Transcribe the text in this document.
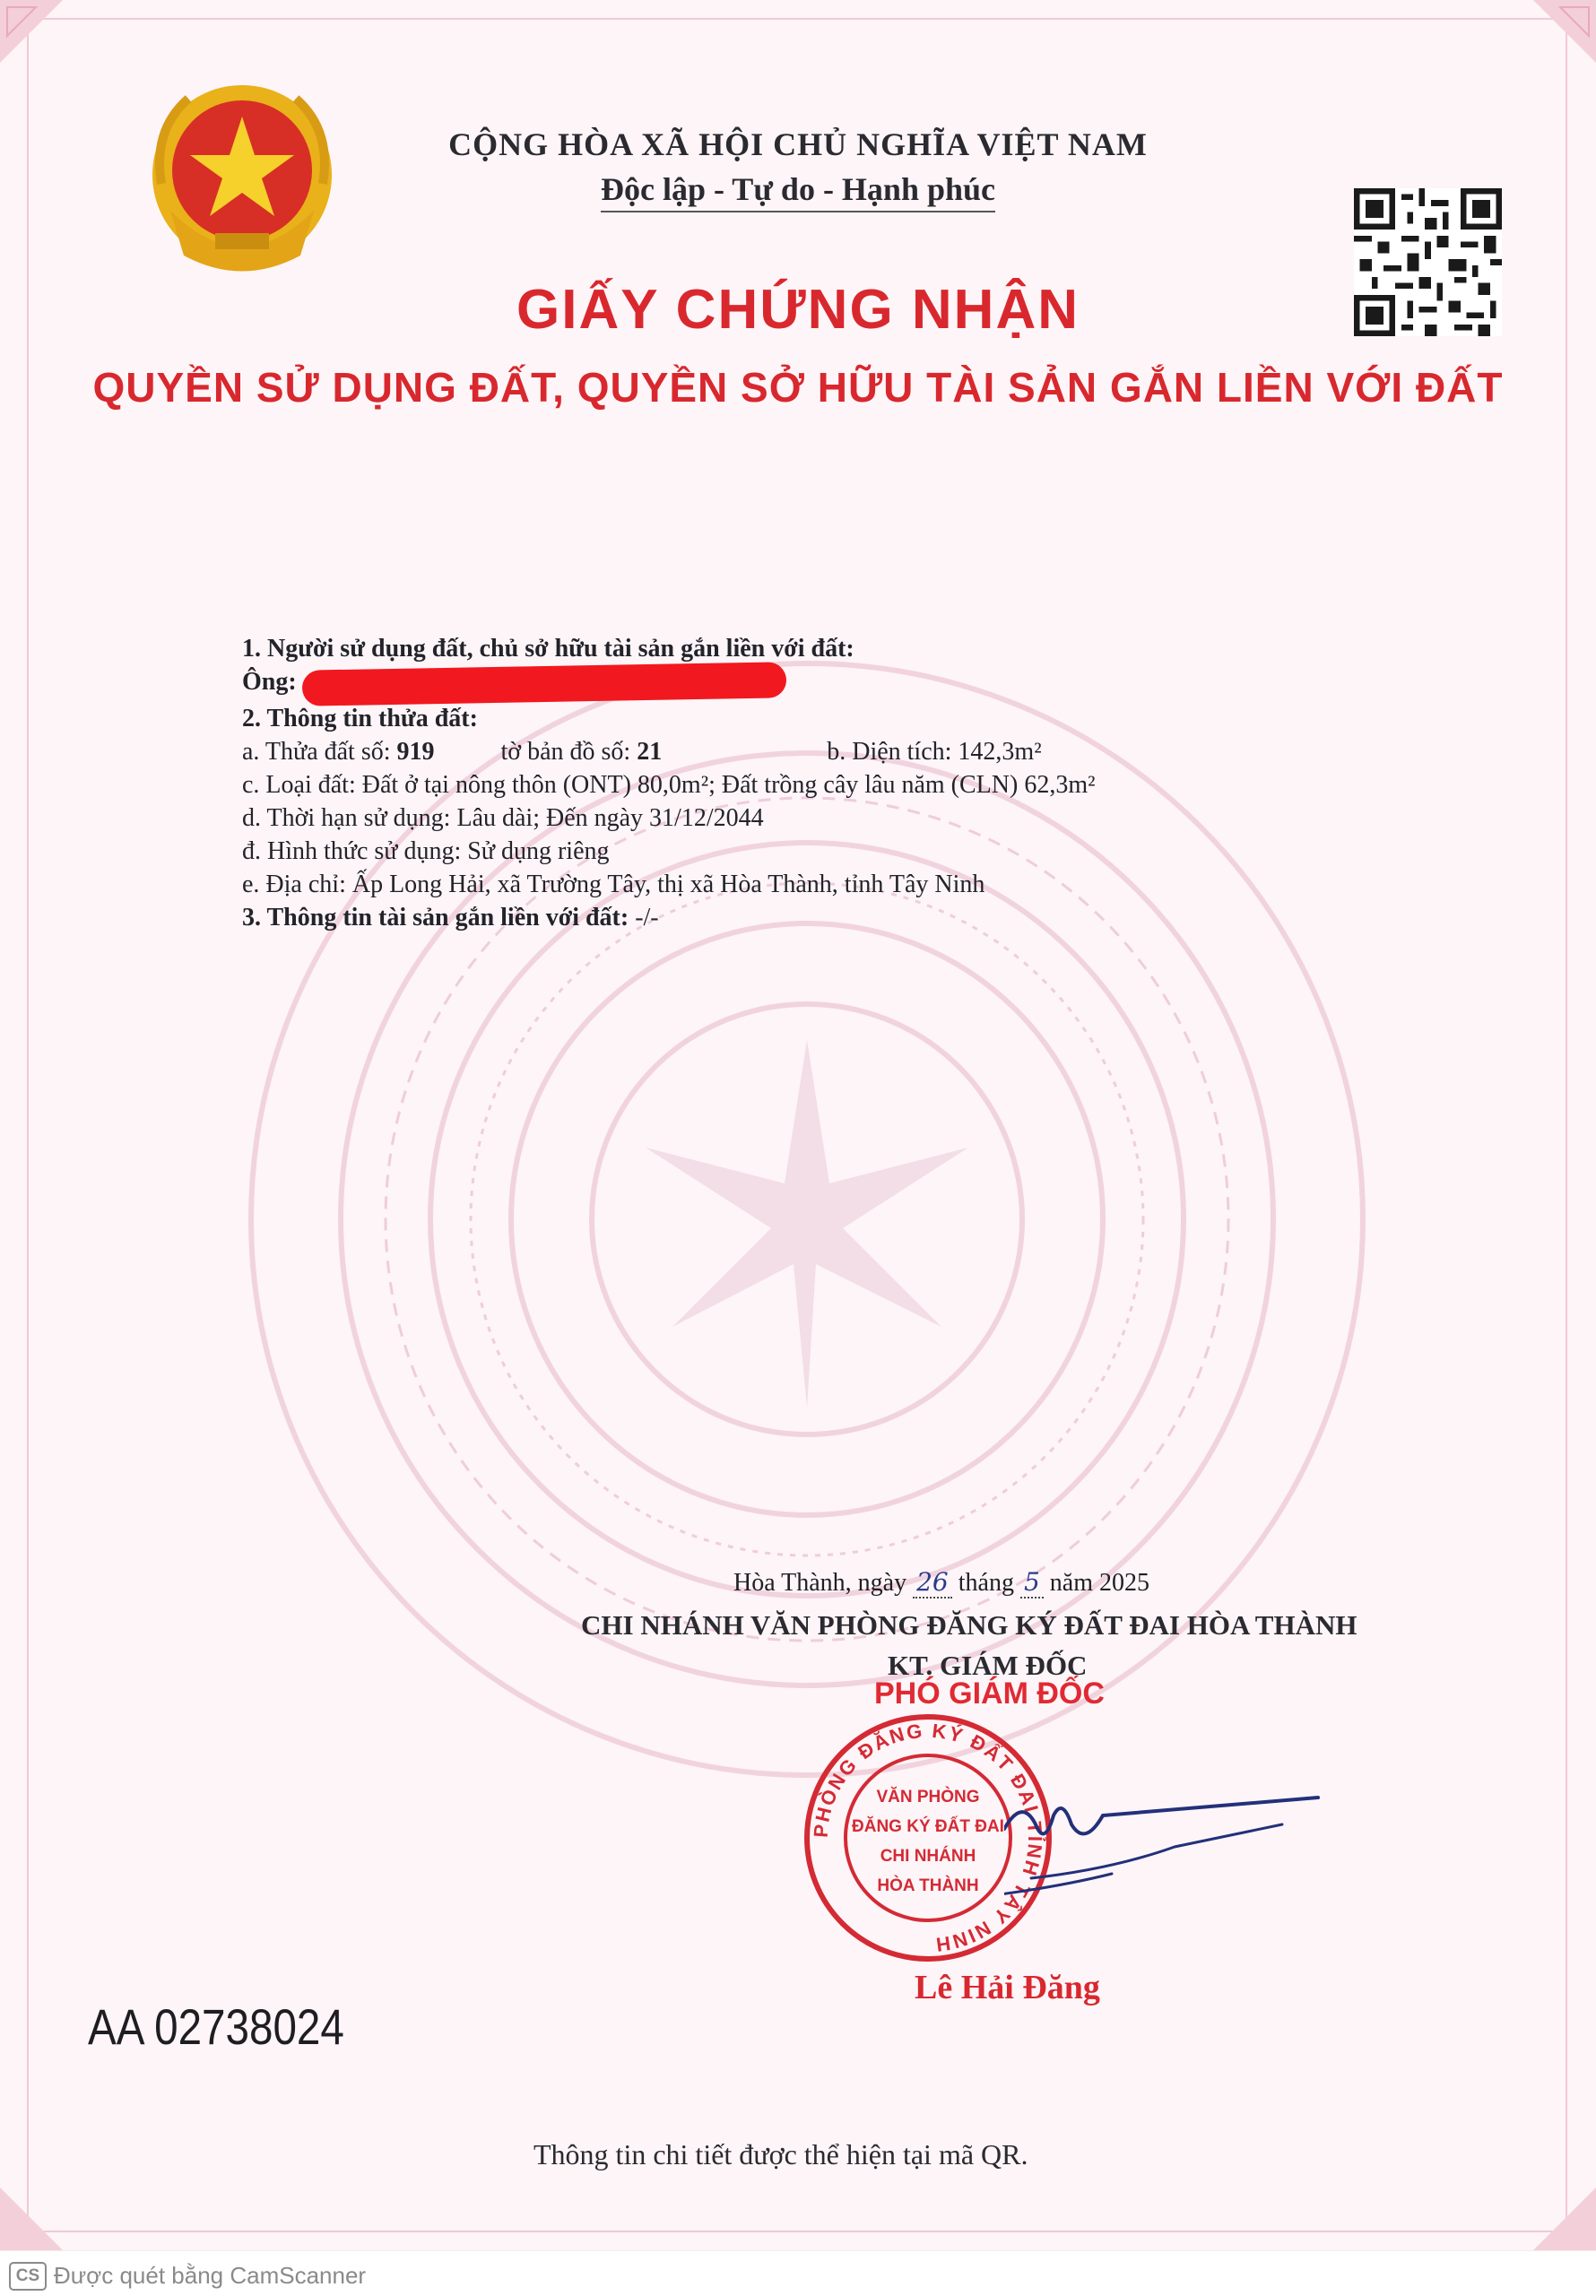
CỘNG HÒA XÃ HỘI CHỦ NGHĨA VIỆT NAM
Độc lập - Tự do - Hạnh phúc
GIẤY CHỨNG NHẬN
QUYỀN SỬ DỤNG ĐẤT, QUYỀN SỞ HỮU TÀI SẢN GẮN LIỀN VỚI ĐẤT
1. Người sử dụng đất, chủ sở hữu tài sản gắn liền với đất:
Ông:
2. Thông tin thửa đất:
a. Thửa đất số: 919	tờ bản đồ số: 21	b. Diện tích: 142,3m²
c. Loại đất: Đất ở tại nông thôn (ONT) 80,0m²; Đất trồng cây lâu năm (CLN) 62,3m²
d. Thời hạn sử dụng: Lâu dài; Đến ngày 31/12/2044
đ. Hình thức sử dụng: Sử dụng riêng
e. Địa chỉ: Ấp Long Hải, xã Trường Tây, thị xã Hòa Thành, tỉnh Tây Ninh
3. Thông tin tài sản gắn liền với đất: -/-
Hòa Thành, ngày 26 tháng 5 năm 2025
CHI NHÁNH VĂN PHÒNG ĐĂNG KÝ ĐẤT ĐAI HÒA THÀNH
KT. GIÁM ĐỐC
PHÓ GIÁM ĐỐC
PHÒNG ĐĂNG KÝ ĐẤT ĐAI TỈNH TÂY NINH
VĂN PHÒNG
ĐĂNG KÝ ĐẤT ĐAI
CHI NHÁNH
HÒA THÀNH
Lê Hải Đăng
AA 02738024
Thông tin chi tiết được thể hiện tại mã QR.
CS Được quét bằng CamScanner
